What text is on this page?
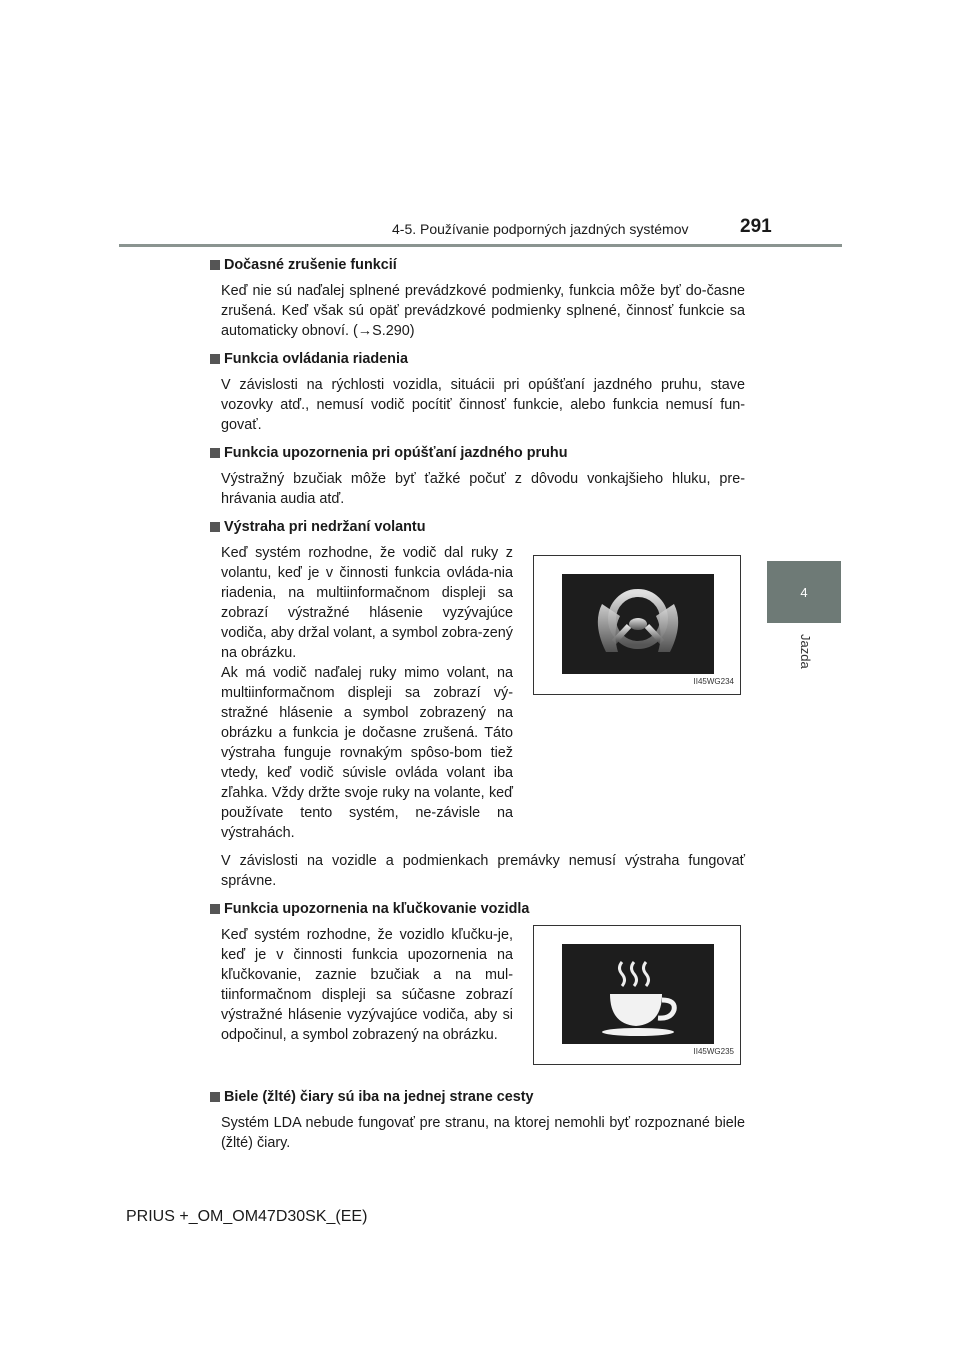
4-5. Používanie podporných jazdných systémov	291
4
Jazda

Dočasné zrušenie funkcií

Keď nie sú naďalej splnené prevádzkové podmienky, funkcia môže byť do-časne zrušená. Keď však sú opäť prevádzkové podmienky splnené, činnosť funkcie sa automaticky obnoví. (→S.290)

Funkcia ovládania riadenia

V závislosti na rýchlosti vozidla, situácii pri opúšťaní jazdného pruhu, stave vozovky atď., nemusí vodič pocítiť činnosť funkcie, alebo funkcia nemusí fun-govať.

Funkcia upozornenia pri opúšťaní jazdného pruhu

Výstražný bzučiak môže byť ťažké počuť z dôvodu vonkajšieho hluku, pre-hrávania audia atď.

Výstraha pri nedržaní volantu

Keď systém rozhodne, že vodič dal ruky z volantu, keď je v činnosti funkcia ovláda-nia riadenia, na multiinformačnom displeji sa zobrazí výstražné hlásenie vyzývajúce vodiča, aby držal volant, a symbol zobra-zený na obrázku.
Ak má vodič naďalej ruky mimo volant, na multiinformačnom displeji sa zobrazí vý-stražné hlásenie a symbol zobrazený na obrázku a funkcia je dočasne zrušená. Táto výstraha funguje rovnakým spôso-bom tiež vtedy, keď vodič súvisle ovláda volant iba zľahka. Vždy držte svoje ruky na volante, keď používate tento systém, ne-závisle na výstrahách.
II45WG234

V závislosti na vozidle a podmienkach premávky nemusí výstraha fungovať správne.

Funkcia upozornenia na kľučkovanie vozidla

Keď systém rozhodne, že vozidlo kľučku-je, keď je v činnosti funkcia upozornenia na kľučkovanie, zaznie bzučiak a na mul-tiinformačnom displeji sa súčasne zobrazí výstražné hlásenie vyzývajúce vodiča, aby si odpočinul, a symbol zobrazený na obrázku.
II45WG235

Biele (žlté) čiary sú iba na jednej strane cesty

Systém LDA nebude fungovať pre stranu, na ktorej nemohli byť rozpoznané biele (žlté) čiary.

PRIUS +_OM_OM47D30SK_(EE)
